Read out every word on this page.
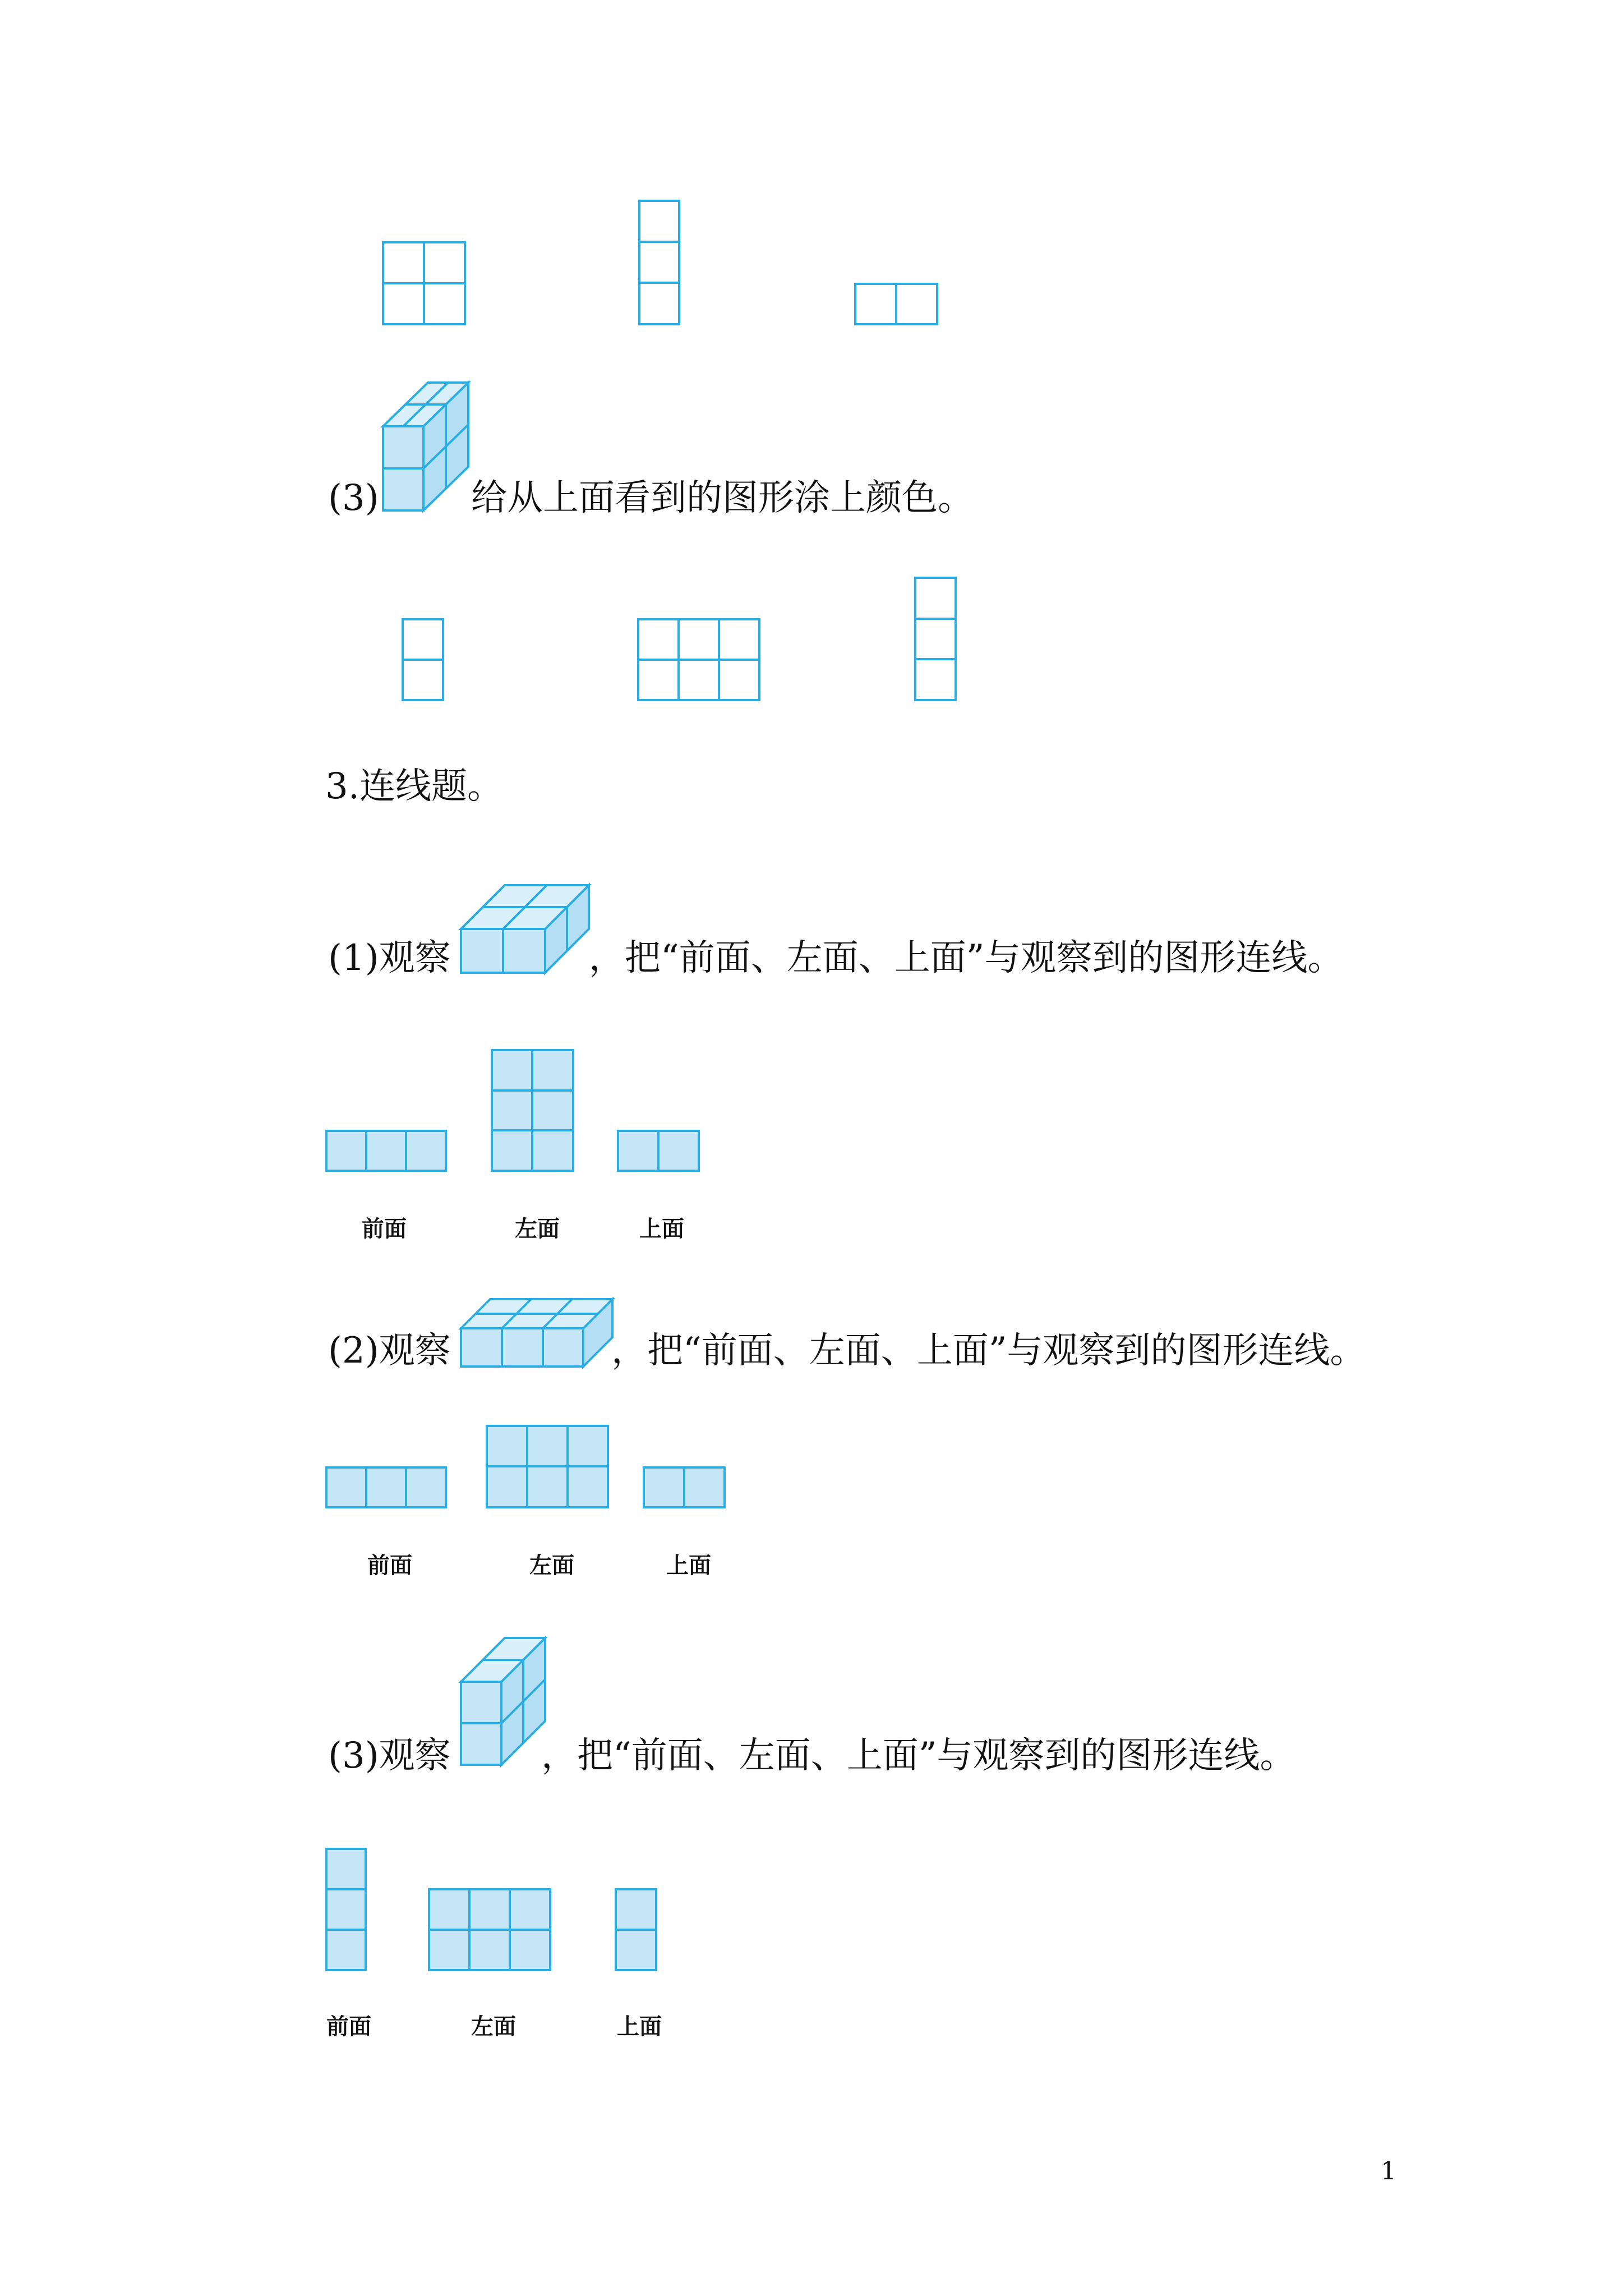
(3)	给从上面看到的图形涂上颜色。
3.连线题。
(1)观察	，把“前面、左面、上面”与观察到的图形连线。
前面	左面	上面
(2)观察	，把“前面、左面、上面”与观察到的图形连线。
前面	左面	上面
(3)观察	，把“前面、左面、上面”与观察到的图形连线。
前面	左面	上面
1
